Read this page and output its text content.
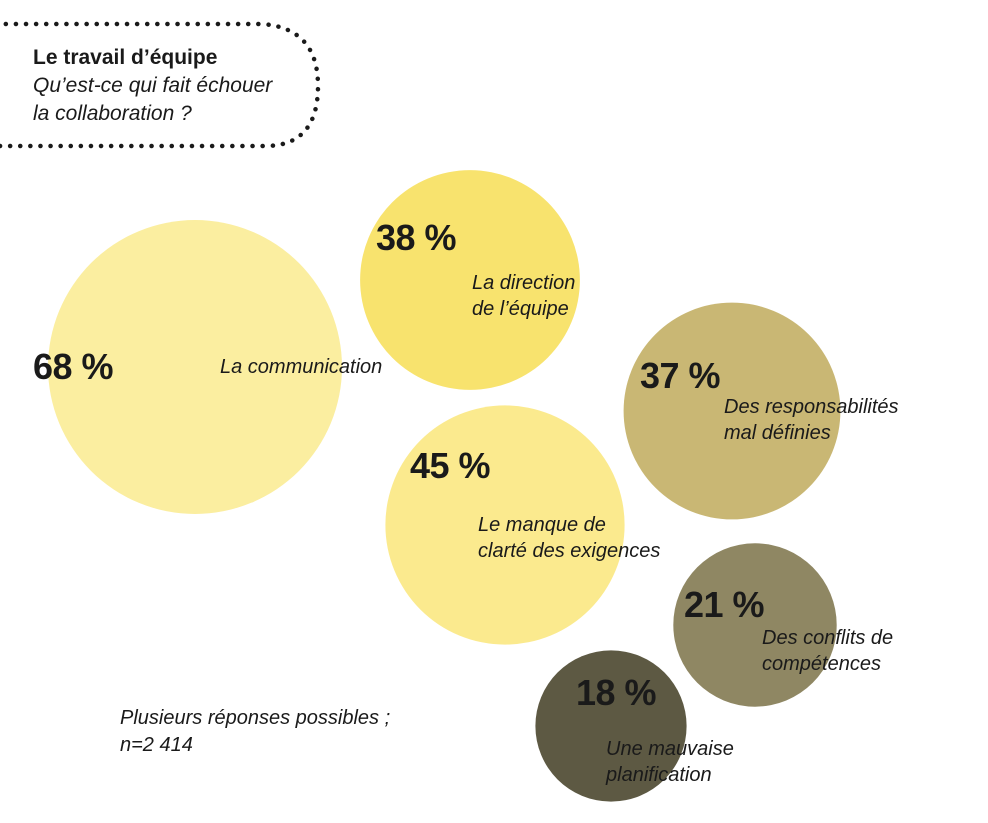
Le travail d’équipe
Qu’est-ce qui fait échouer
la collaboration ?
68 %
38 %
37 %
45 %
21 %
18 %
La communication
La direction
de l’équipe
Des responsabilités
mal définies
Le manque de
clarté des exigences
Des conflits de
compétences
Une mauvaise
planification
Plusieurs réponses possibles ;
n=2 414
